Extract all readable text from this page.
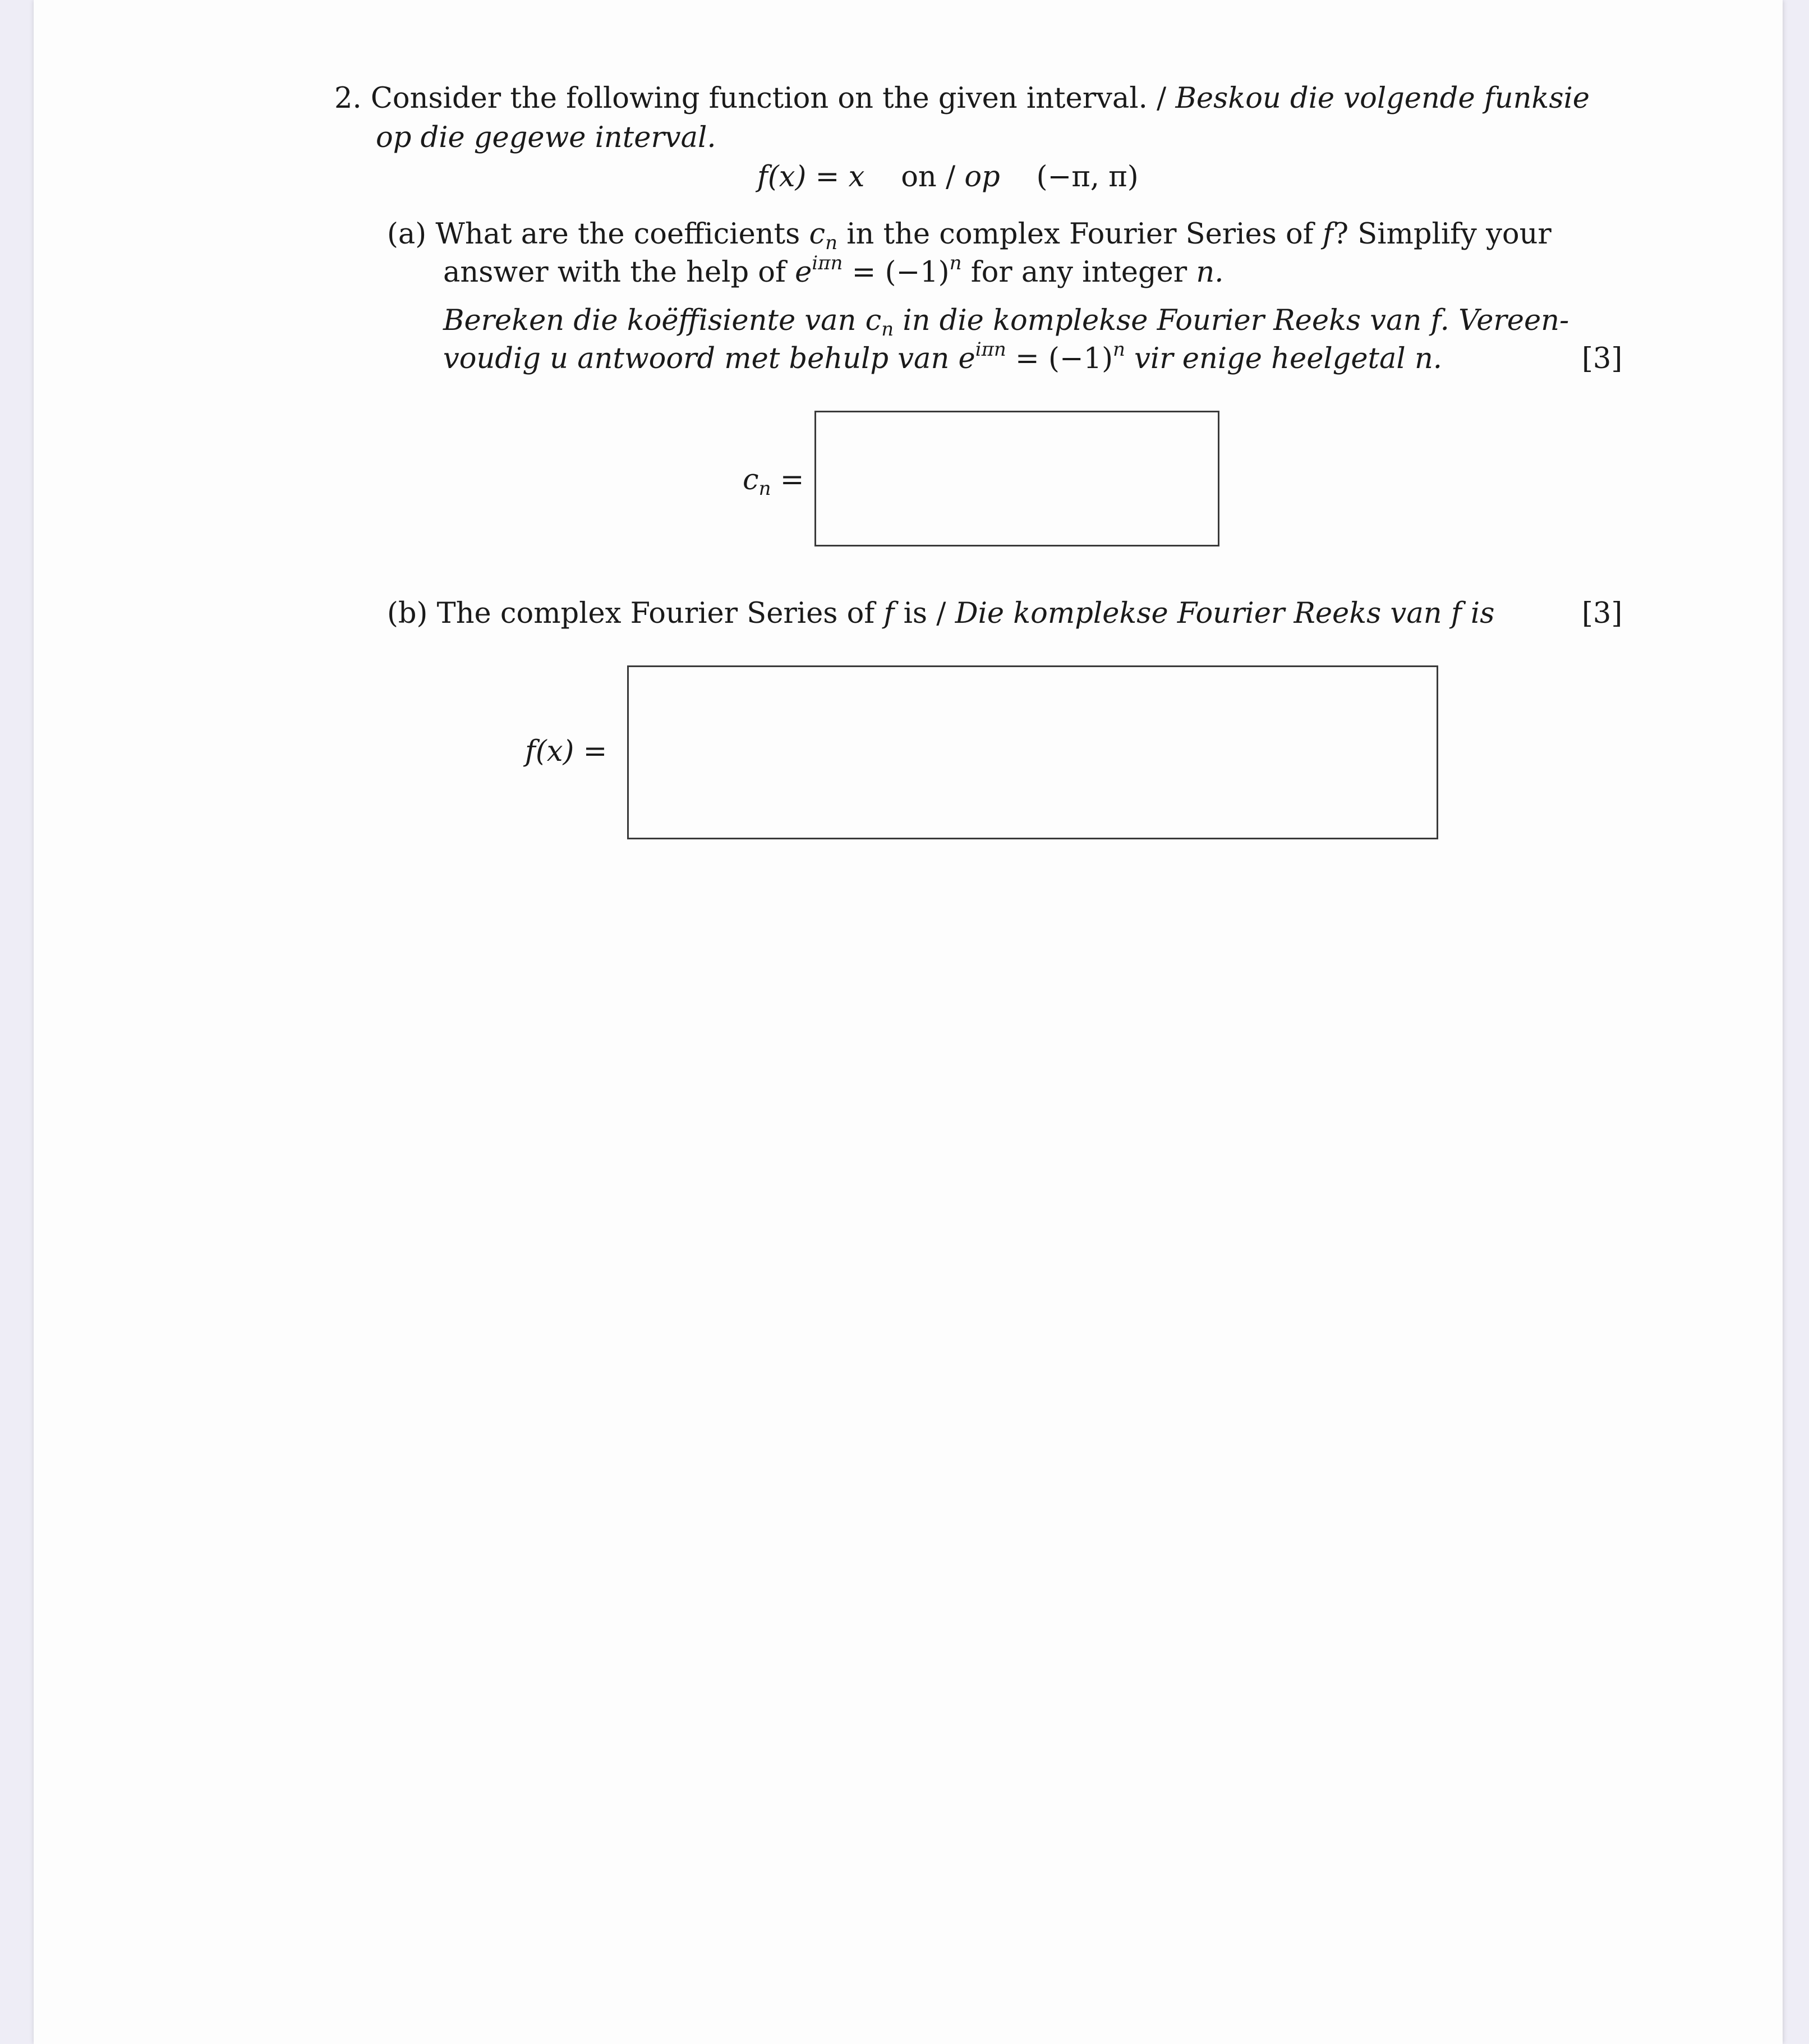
2. Consider the following function on the given interval. / Beskou die volgende funksie
op die gegewe interval.
f(x) = x on / op (−π, π)
(a) What are the coefficients $c_n$ in the complex Fourier Series of f? Simplify your
answer with the help of $e^{i\pi n} = (-1)^n$ for any integer n.
Bereken die koëffisiente van $c_n$ in die komplekse Fourier Reeks van f. Vereen-
voudig u antwoord met behulp van $e^{i\pi n} = (-1)^n$ vir enige heelgetal n.	[3]
$c_n$ =
(b) The complex Fourier Series of f is / Die komplekse Fourier Reeks van f is	[3]
f(x) =
